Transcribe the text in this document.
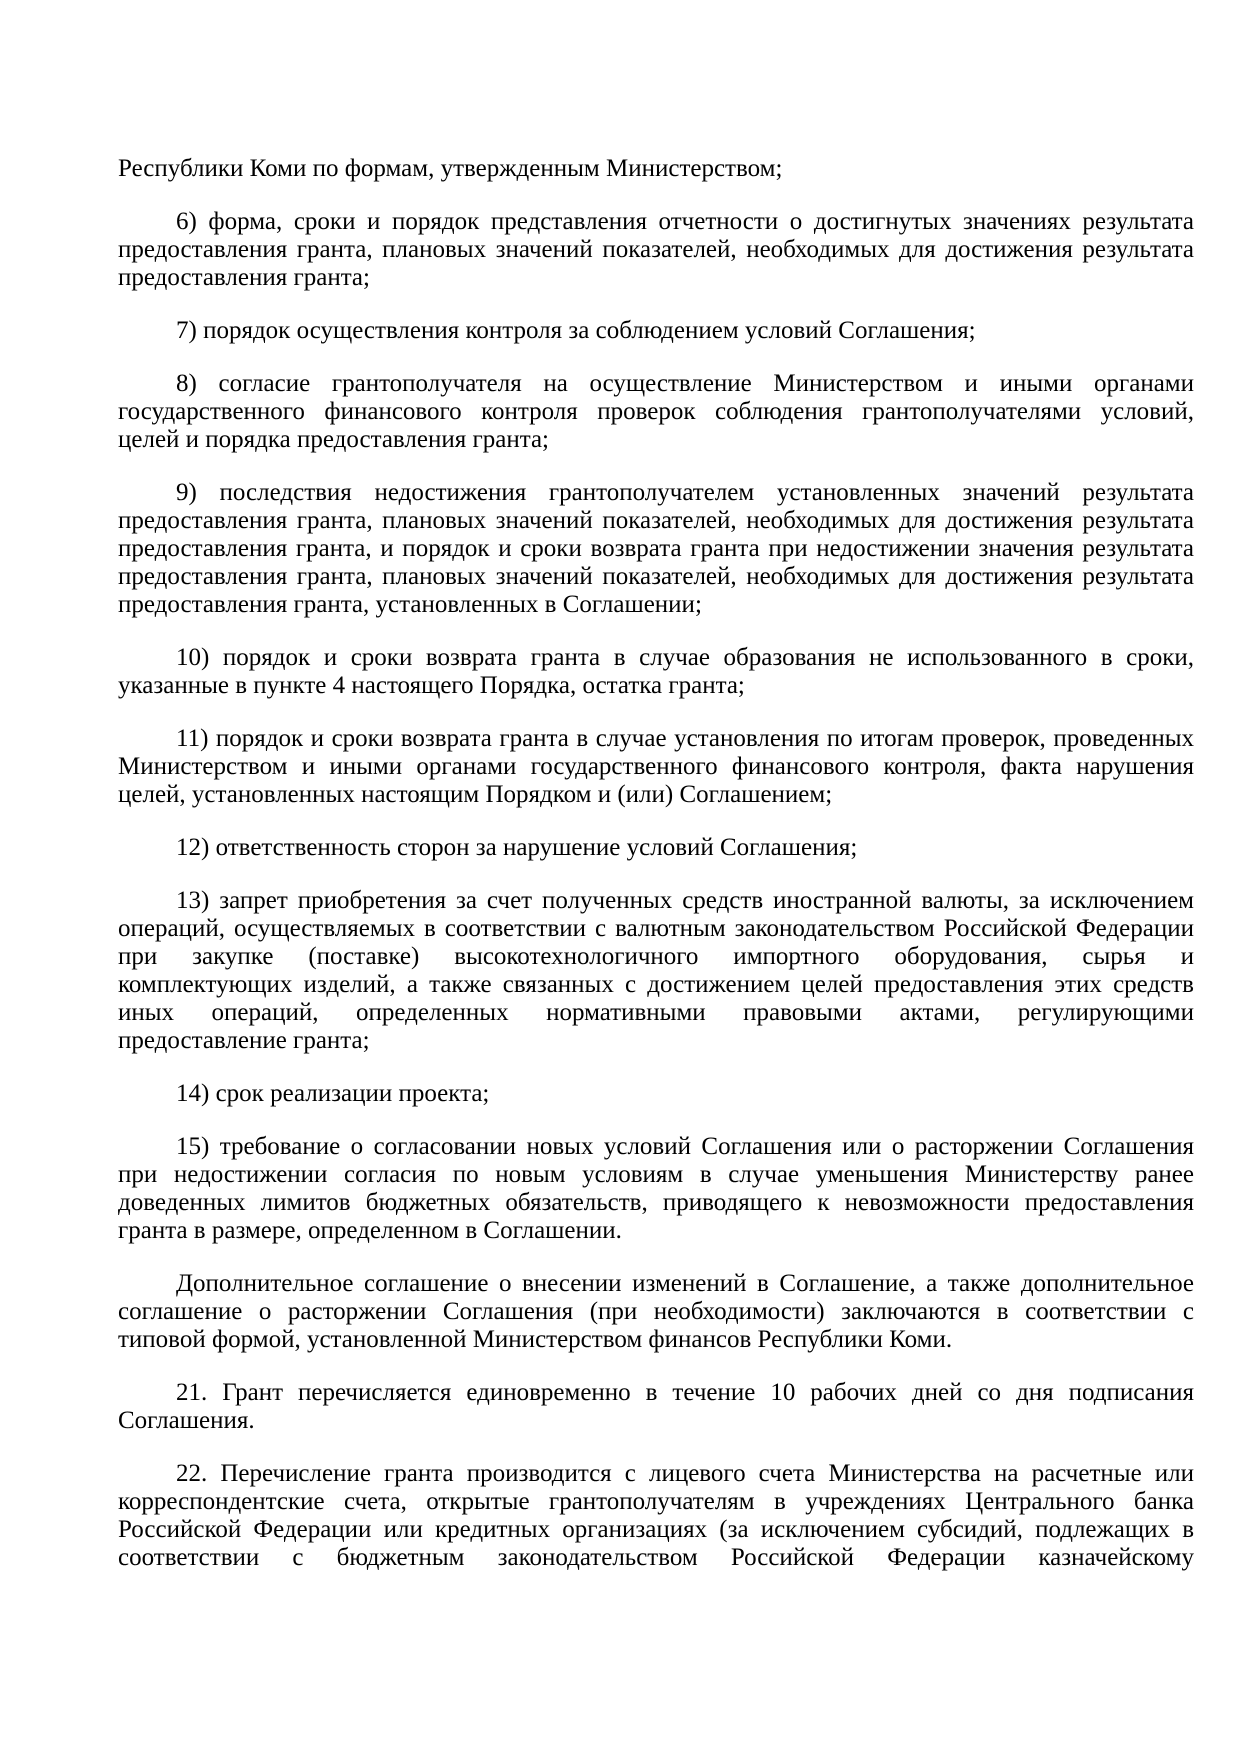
Республики Коми по формам, утвержденным Министерством;
6) форма, сроки и порядок представления отчетности о достигнутых значениях результата
предоставления гранта, плановых значений показателей, необходимых для достижения результата
предоставления гранта;
7) порядок осуществления контроля за соблюдением условий Соглашения;
8) согласие грантополучателя на осуществление Министерством и иными органами
государственного финансового контроля проверок соблюдения грантополучателями условий,
целей и порядка предоставления гранта;
9) последствия недостижения грантополучателем установленных значений результата
предоставления гранта, плановых значений показателей, необходимых для достижения результата
предоставления гранта, и порядок и сроки возврата гранта при недостижении значения результата
предоставления гранта, плановых значений показателей, необходимых для достижения результата
предоставления гранта, установленных в Соглашении;
10) порядок и сроки возврата гранта в случае образования не использованного в сроки,
указанные в пункте 4 настоящего Порядка, остатка гранта;
11) порядок и сроки возврата гранта в случае установления по итогам проверок, проведенных
Министерством и иными органами государственного финансового контроля, факта нарушения
целей, установленных настоящим Порядком и (или) Соглашением;
12) ответственность сторон за нарушение условий Соглашения;
13) запрет приобретения за счет полученных средств иностранной валюты, за исключением
операций, осуществляемых в соответствии с валютным законодательством Российской Федерации
при закупке (поставке) высокотехнологичного импортного оборудования, сырья и
комплектующих изделий, а также связанных с достижением целей предоставления этих средств
иных операций, определенных нормативными правовыми актами, регулирующими
предоставление гранта;
14) срок реализации проекта;
15) требование о согласовании новых условий Соглашения или о расторжении Соглашения
при недостижении согласия по новым условиям в случае уменьшения Министерству ранее
доведенных лимитов бюджетных обязательств, приводящего к невозможности предоставления
гранта в размере, определенном в Соглашении.
Дополнительное соглашение о внесении изменений в Соглашение, а также дополнительное
соглашение о расторжении Соглашения (при необходимости) заключаются в соответствии с
типовой формой, установленной Министерством финансов Республики Коми.
21. Грант перечисляется единовременно в течение 10 рабочих дней со дня подписания
Соглашения.
22. Перечисление гранта производится с лицевого счета Министерства на расчетные или
корреспондентские счета, открытые грантополучателям в учреждениях Центрального банка
Российской Федерации или кредитных организациях (за исключением субсидий, подлежащих в
соответствии с бюджетным законодательством Российской Федерации казначейскому
